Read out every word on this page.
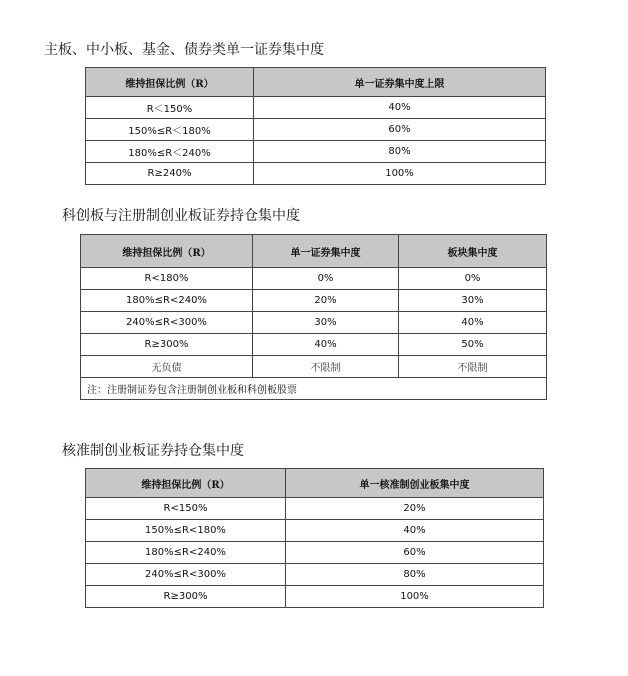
主板、中小板、基金、债券类单一证券集中度
维持担保比例（R）	单一证券集中度上限
R＜150%	40%
150%≤R＜180%	60%
180%≤R＜240%	80%
R≥240%	100%
科创板与注册制创业板证券持仓集中度
维持担保比例（R）	单一证券集中度	板块集中度
R<180%	0%	0%
180%≤R<240%	20%	30%
240%≤R<300%	30%	40%
R≥300%	40%	50%
无负债	不限制	不限制
注：注册制证券包含注册制创业板和科创板股票		
核准制创业板证券持仓集中度
维持担保比例（R）	单一核准制创业板集中度
R<150%	20%
150%≤R<180%	40%
180%≤R<240%	60%
240%≤R<300%	80%
R≥300%	100%
